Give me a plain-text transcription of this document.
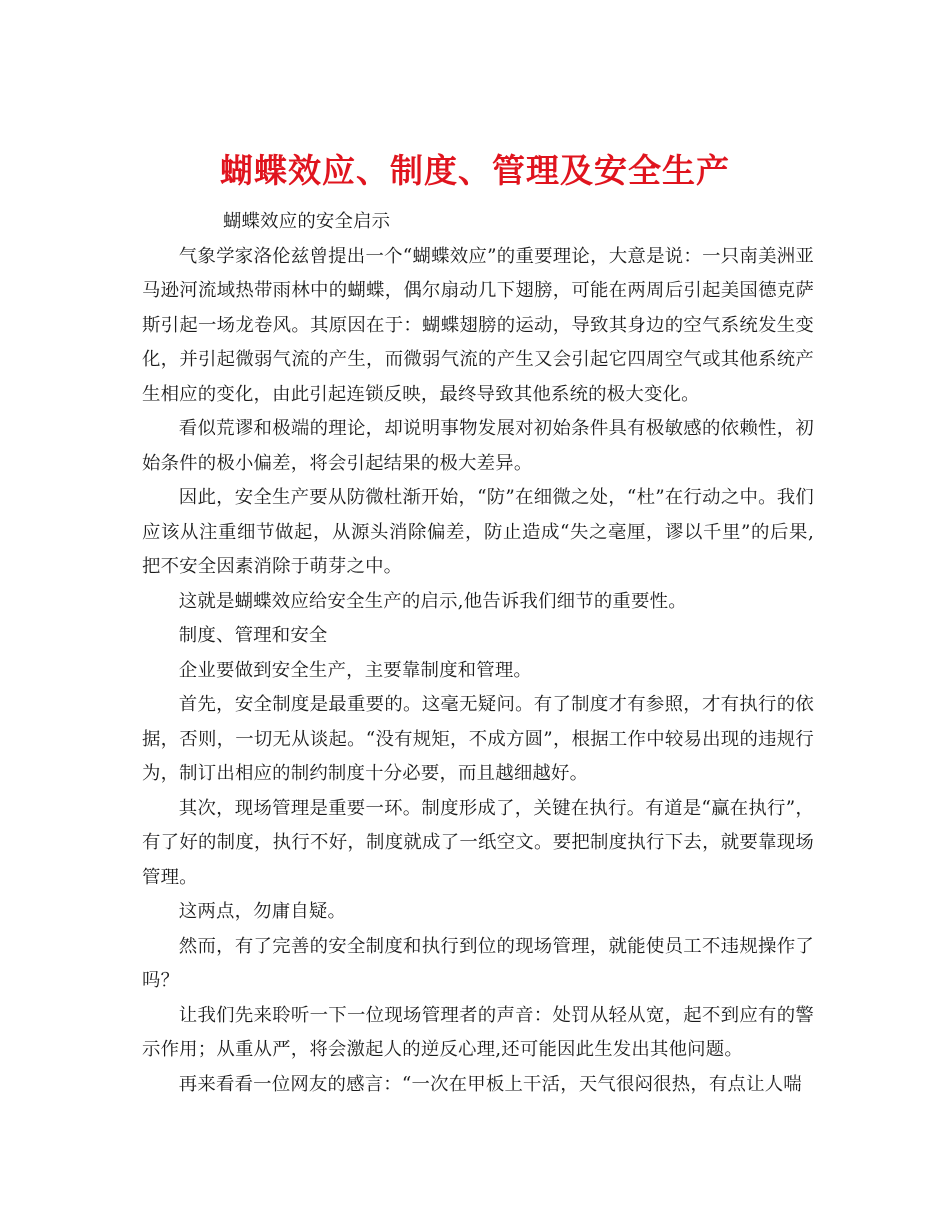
蝴蝶效应、制度、管理及安全生产

蝴蝶效应的安全启示

气象学家洛伦兹曾提出一个“蝴蝶效应”的重要理论，大意是说：一只南美洲亚马逊河流域热带雨林中的蝴蝶，偶尔扇动几下翅膀，可能在两周后引起美国德克萨斯引起一场龙卷风。其原因在于：蝴蝶翅膀的运动，导致其身边的空气系统发生变化，并引起微弱气流的产生，而微弱气流的产生又会引起它四周空气或其他系统产生相应的变化，由此引起连锁反映，最终导致其他系统的极大变化。

看似荒谬和极端的理论，却说明事物发展对初始条件具有极敏感的依赖性，初始条件的极小偏差，将会引起结果的极大差异。

因此，安全生产要从防微杜渐开始，“防”在细微之处，“杜”在行动之中。我们应该从注重细节做起，从源头消除偏差，防止造成“失之毫厘，谬以千里”的后果,把不安全因素消除于萌芽之中。

这就是蝴蝶效应给安全生产的启示,他告诉我们细节的重要性。

制度、管理和安全

企业要做到安全生产，主要靠制度和管理。

首先，安全制度是最重要的。这毫无疑问。有了制度才有参照，才有执行的依据，否则，一切无从谈起。“没有规矩，不成方圆”，根据工作中较易出现的违规行为，制订出相应的制约制度十分必要，而且越细越好。

其次，现场管理是重要一环。制度形成了，关键在执行。有道是“赢在执行”，有了好的制度，执行不好，制度就成了一纸空文。要把制度执行下去，就要靠现场管理。

这两点，勿庸自疑。

然而，有了完善的安全制度和执行到位的现场管理，就能使员工不违规操作了吗？

让我们先来聆听一下一位现场管理者的声音：处罚从轻从宽，起不到应有的警示作用；从重从严，将会激起人的逆反心理,还可能因此生发出其他问题。

再来看看一位网友的感言：“一次在甲板上干活，天气很闷很热，有点让人喘
